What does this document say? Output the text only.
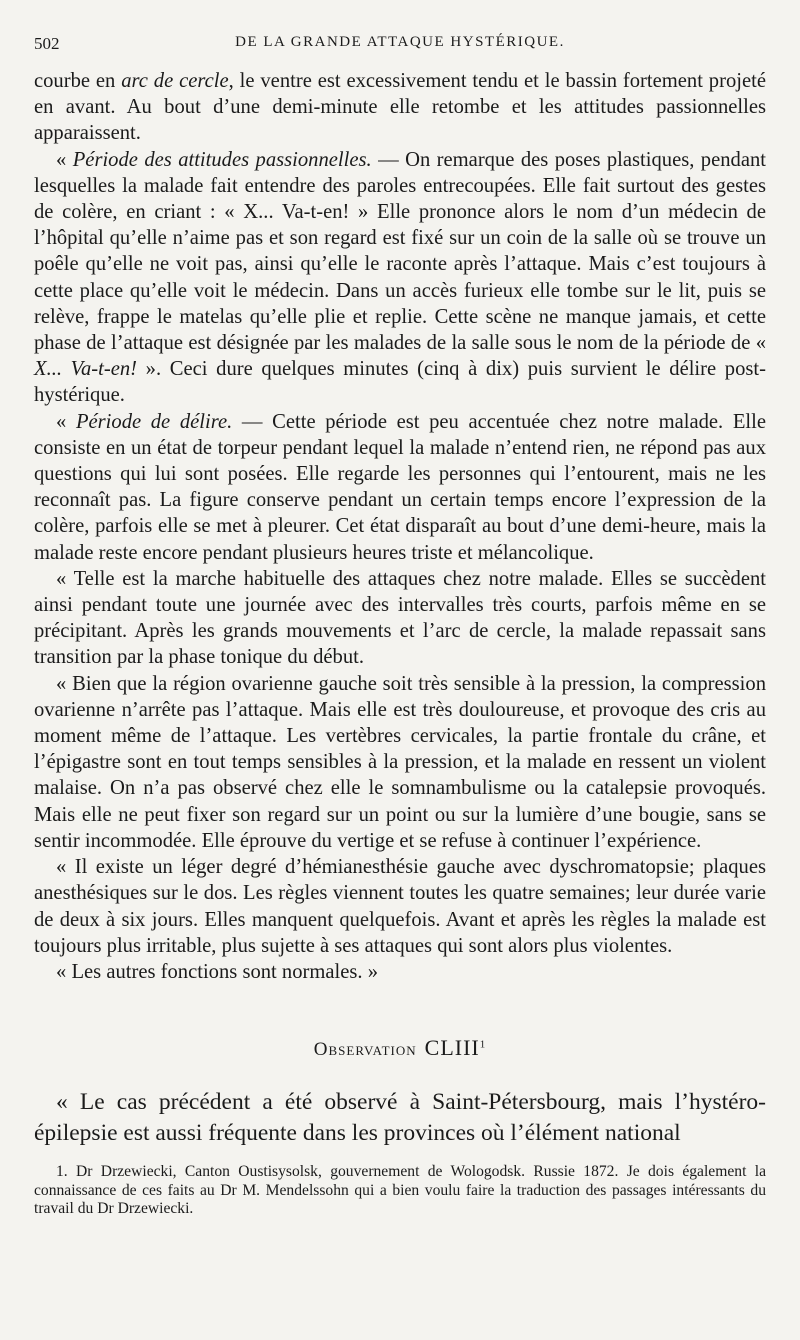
502	DE LA GRANDE ATTAQUE HYSTÉRIQUE.

courbe en arc de cercle, le ventre est excessivement tendu et le bassin fortement projeté en avant. Au bout d’une demi-minute elle retombe et les attitudes passionnelles apparaissent.

« Période des attitudes passionnelles. — On remarque des poses plastiques, pendant lesquelles la malade fait entendre des paroles entrecoupées. Elle fait surtout des gestes de colère, en criant : « X... Va-t-en! » Elle prononce alors le nom d’un médecin de l’hôpital qu’elle n’aime pas et son regard est fixé sur un coin de la salle où se trouve un poêle qu’elle ne voit pas, ainsi qu’elle le raconte après l’attaque. Mais c’est toujours à cette place qu’elle voit le médecin. Dans un accès furieux elle tombe sur le lit, puis se relève, frappe le matelas qu’elle plie et replie. Cette scène ne manque jamais, et cette phase de l’attaque est désignée par les malades de la salle sous le nom de la période de « X... Va-t-en! ». Ceci dure quelques minutes (cinq à dix) puis survient le délire post-hystérique.

« Période de délire. — Cette période est peu accentuée chez notre malade. Elle consiste en un état de torpeur pendant lequel la malade n’entend rien, ne répond pas aux questions qui lui sont posées. Elle regarde les personnes qui l’entourent, mais ne les reconnaît pas. La figure conserve pendant un certain temps encore l’expression de la colère, parfois elle se met à pleurer. Cet état disparaît au bout d’une demi-heure, mais la malade reste encore pendant plusieurs heures triste et mélancolique.

« Telle est la marche habituelle des attaques chez notre malade. Elles se succèdent ainsi pendant toute une journée avec des intervalles très courts, parfois même en se précipitant. Après les grands mouvements et l’arc de cercle, la malade repassait sans transition par la phase tonique du début.

« Bien que la région ovarienne gauche soit très sensible à la pression, la compression ovarienne n’arrête pas l’attaque. Mais elle est très douloureuse, et provoque des cris au moment même de l’attaque. Les vertèbres cervicales, la partie frontale du crâne, et l’épigastre sont en tout temps sensibles à la pression, et la malade en ressent un violent malaise. On n’a pas observé chez elle le somnambulisme ou la catalepsie provoqués. Mais elle ne peut fixer son regard sur un point ou sur la lumière d’une bougie, sans se sentir incommodée. Elle éprouve du vertige et se refuse à continuer l’expérience.

« Il existe un léger degré d’hémianesthésie gauche avec dyschromatopsie; plaques anesthésiques sur le dos. Les règles viennent toutes les quatre semaines; leur durée varie de deux à six jours. Elles manquent quelquefois. Avant et après les règles la malade est toujours plus irritable, plus sujette à ses attaques qui sont alors plus violentes.

« Les autres fonctions sont normales. »

Observation CLIII$^1$

« Le cas précédent a été observé à Saint-Pétersbourg, mais l’hystéro-épilepsie est aussi fréquente dans les provinces où l’élément national

1. Dr Drzewiecki, Canton Oustisysolsk, gouvernement de Wologodsk. Russie 1872. Je dois également la connaissance de ces faits au Dr M. Mendelssohn qui a bien voulu faire la traduction des passages intéressants du travail du Dr Drzewiecki.
